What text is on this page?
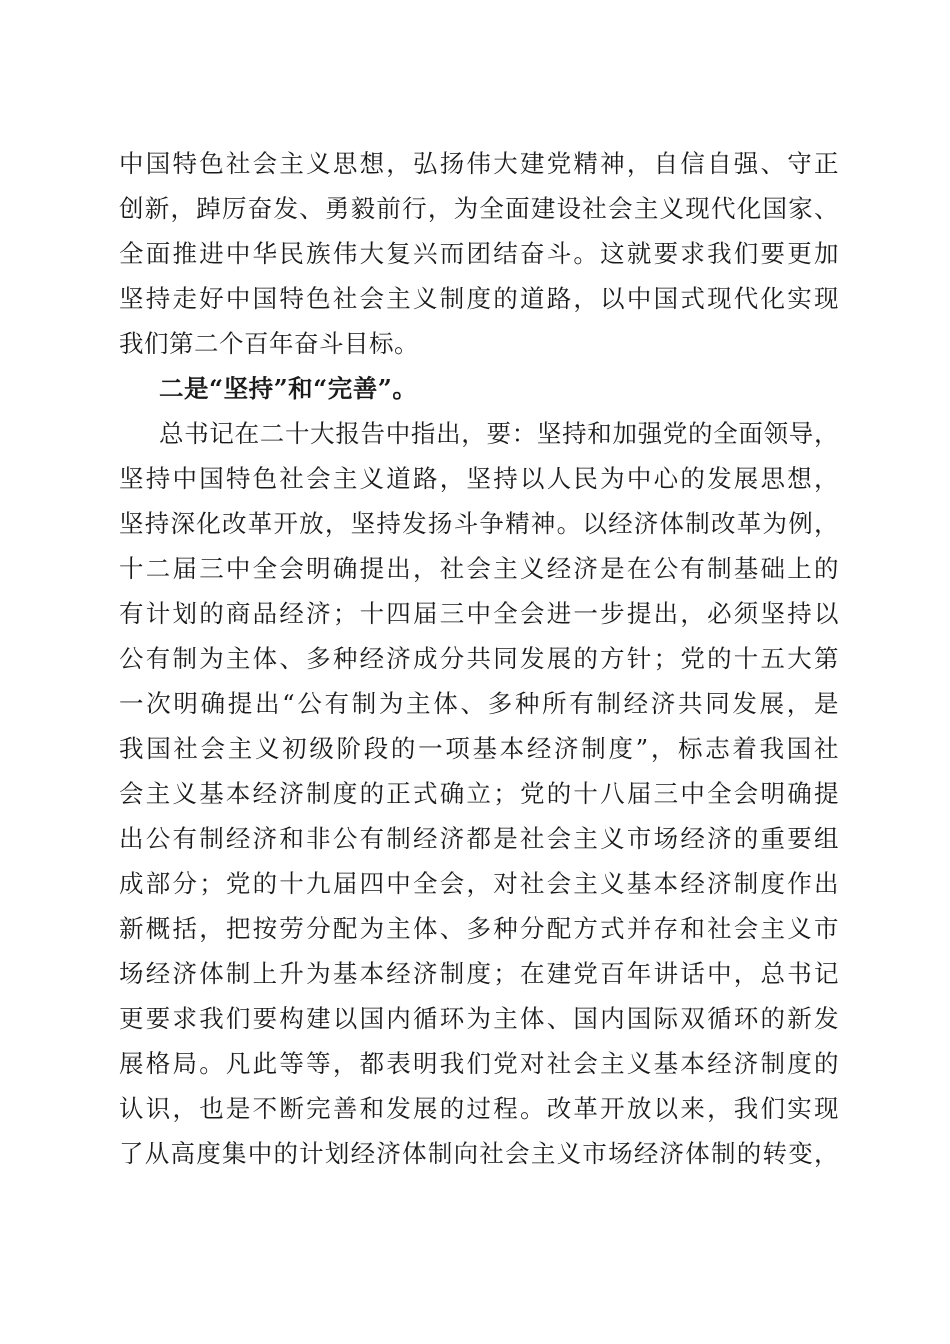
中国特色社会主义思想，弘扬伟大建党精神，自信自强、守正
创新，踔厉奋发、勇毅前行，为全面建设社会主义现代化国家、
全面推进中华民族伟大复兴而团结奋斗。这就要求我们要更加
坚持走好中国特色社会主义制度的道路，以中国式现代化实现
我们第二个百年奋斗目标。
二是“坚持”和“完善”。
总书记在二十大报告中指出，要：坚持和加强党的全面领导，
坚持中国特色社会主义道路，坚持以人民为中心的发展思想，
坚持深化改革开放，坚持发扬斗争精神。以经济体制改革为例，
十二届三中全会明确提出，社会主义经济是在公有制基础上的
有计划的商品经济；十四届三中全会进一步提出，必须坚持以
公有制为主体、多种经济成分共同发展的方针；党的十五大第
一次明确提出“公有制为主体、多种所有制经济共同发展，是
我国社会主义初级阶段的一项基本经济制度”，标志着我国社
会主义基本经济制度的正式确立；党的十八届三中全会明确提
出公有制经济和非公有制经济都是社会主义市场经济的重要组
成部分；党的十九届四中全会，对社会主义基本经济制度作出
新概括，把按劳分配为主体、多种分配方式并存和社会主义市
场经济体制上升为基本经济制度；在建党百年讲话中，总书记
更要求我们要构建以国内循环为主体、国内国际双循环的新发
展格局。凡此等等，都表明我们党对社会主义基本经济制度的
认识，也是不断完善和发展的过程。改革开放以来，我们实现
了从高度集中的计划经济体制向社会主义市场经济体制的转变，
